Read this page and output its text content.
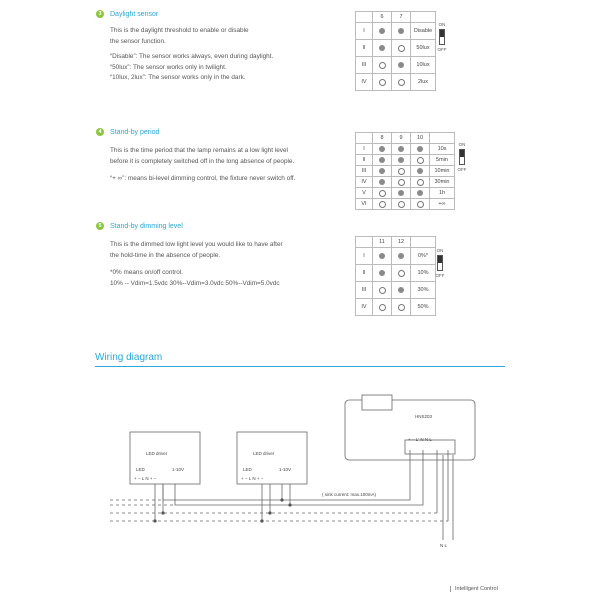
3	Daylight sensor

This is the daylight threshold to enable or disable

the sensor function.

“Disable”: The sensor works always, even during daylight.

“50lux”: The sensor works only in twilight.

“10lux, 2lux”: The sensor works only in the dark.

	6	7	
I			Disable
II			50lux
III			10lux
IV			2lux
ON
OFF
4	Stand-by period

This is the time period that the lamp remains at a low light level

before it is completely switched off in the long absence of people.

“+ ∞”: means bi-level dimming control, the fixture never switch off.

	8	9	10	
I				10s
II				5min
III				10min
IV				30min
V				1h
VI				+∞
ON
OFF
5	Stand-by dimming level

This is the dimmed low light level you would like to have after

the hold-time in the absence of people.

*0% means on/off control.

10% -- Vdim=1.5vdc 30%--Vdim=3.0vdc 50%--Vdim=5.0vdc

	11	12	
I			0%*
II			10%
III			30%
IV			50%
ON
OFF
Wiring diagram
LED driver	LED driver
LED	1-10V	LED	1-10V
+ − L N + −	+ − L N + −
HNS203
+ − L' N N L
( sink current: max.100mA)
N L
Intelligent Control
